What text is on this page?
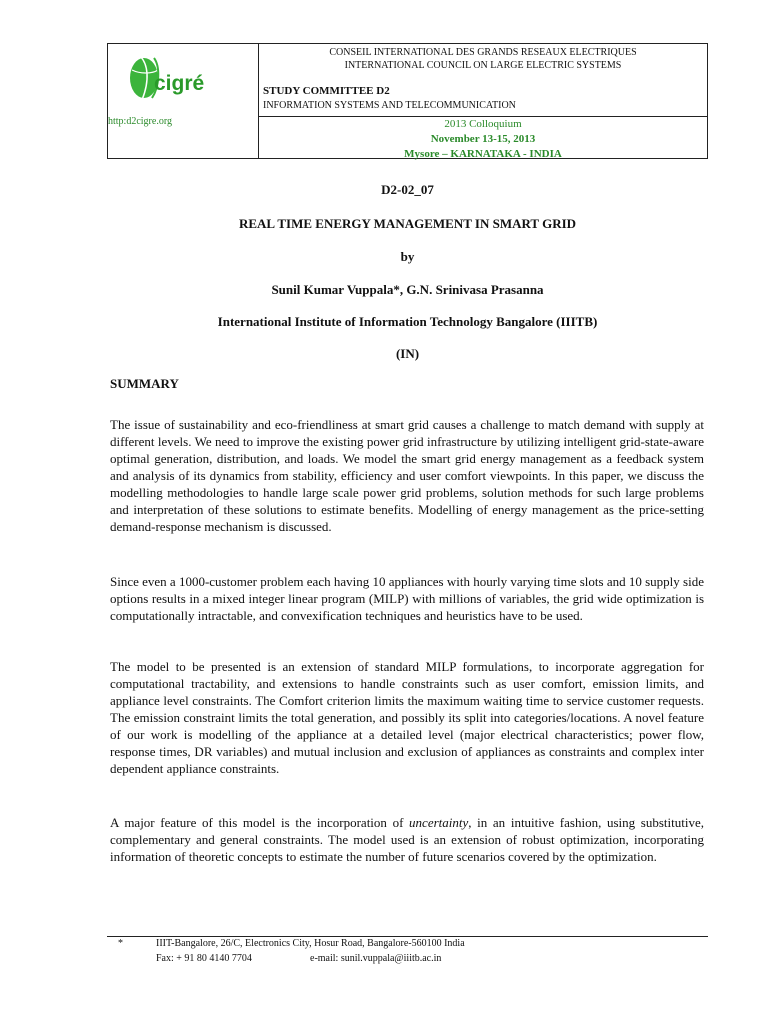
cigré
http:d2cigre.org
CONSEIL INTERNATIONAL DES GRANDS RESEAUX ELECTRIQUES
INTERNATIONAL COUNCIL ON LARGE ELECTRIC SYSTEMS
STUDY COMMITTEE D2
INFORMATION SYSTEMS AND TELECOMMUNICATION
2013 Colloquium
November 13-15, 2013
Mysore – KARNATAKA - INDIA
D2-02_07
REAL TIME ENERGY MANAGEMENT IN SMART GRID
by
Sunil Kumar Vuppala*, G.N. Srinivasa Prasanna
International Institute of Information Technology Bangalore (IIITB)
(IN)
SUMMARY

The issue of sustainability and eco-friendliness at smart grid causes a challenge to match demand with supply at different levels. We need to improve the existing power grid infrastructure by utilizing intelligent grid-state-aware optimal generation, distribution, and loads. We model the smart grid energy management as a feedback system and analysis of its dynamics from stability, efficiency and user comfort viewpoints. In this paper, we discuss the modelling methodologies to handle large scale power grid problems, solution methods for such large problems and interpretation of these solutions to estimate benefits. Modelling of energy management as the price-setting demand-response mechanism is discussed.

Since even a 1000-customer problem each having 10 appliances with hourly varying time slots and 10 supply side options results in a mixed integer linear program (MILP) with millions of variables, the grid wide optimization is computationally intractable, and convexification techniques and heuristics have to be used.

The model to be presented is an extension of standard MILP formulations, to incorporate aggregation for computational tractability, and extensions to handle constraints such as user comfort, emission limits, and appliance level constraints. The Comfort criterion limits the maximum waiting time to service customer requests. The emission constraint limits the total generation, and possibly its split into categories/locations. A novel feature of our work is modelling of the appliance at a detailed level (major electrical characteristics; power flow, response times, DR variables) and mutual inclusion and exclusion of appliances as constraints and complex inter dependent appliance constraints.

A major feature of this model is the incorporation of uncertainty, in an intuitive fashion, using substitutive, complementary and general constraints. The model used is an extension of robust optimization, incorporating information of theoretic concepts to estimate the number of future scenarios covered by the optimization.

*	IIIT-Bangalore, 26/C, Electronics City, Hosur Road, Bangalore-560100 India
Fax: + 91 80 4140 7704	e-mail: sunil.vuppala@iiitb.ac.in
